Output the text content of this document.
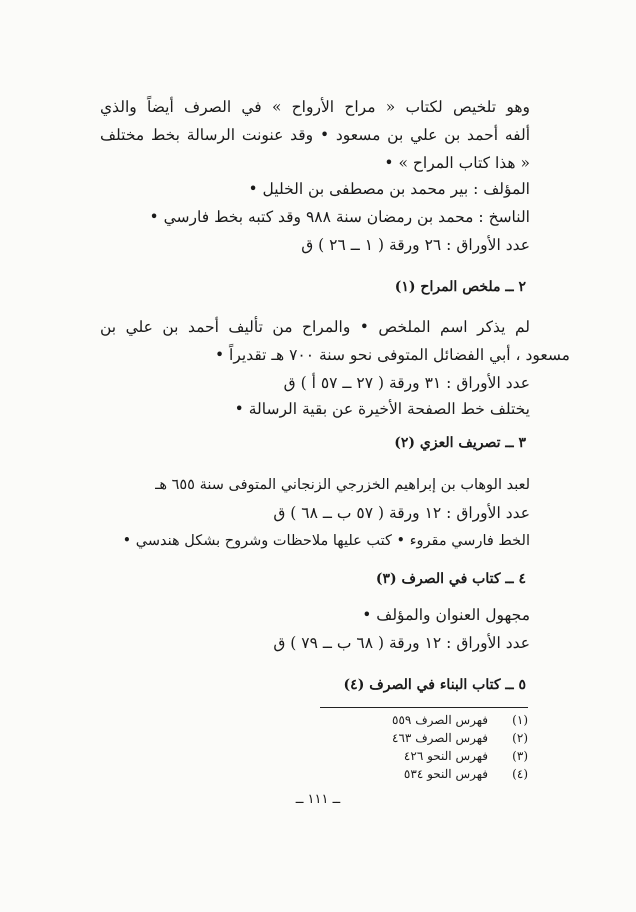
وهو تلخيص لكتاب « مراح الأرواح » في الصرف أيضاً والذي
ألفه أحمد بن علي بن مسعود • وقد عنونت الرسالة بخط مختلف
« هذا كتاب المراح » •
المؤلف : بير محمد بن مصطفى بن الخليل •
الناسخ : محمد بن رمضان سنة ٩٨٨ وقد كتبه بخط فارسي •
عدد الأوراق : ٢٦ ورقة ( ١ ــ ٢٦ ) ق
٢ ــ ملخص المراح (١)
لم يذكر اسم الملخص • والمراح من تأليف أحمد بن علي بن
مسعود ، أبي الفضائل المتوفى نحو سنة ٧٠٠ هـ تقديراً •
عدد الأوراق : ٣١ ورقة ( ٢٧ ــ ٥٧ أ ) ق
يختلف خط الصفحة الأخيرة عن بقية الرسالة •
٣ ــ تصريف العزي (٢)
لعبد الوهاب بن إبراهيم الخزرجي الزنجاني المتوفى سنة ٦٥٥ هـ
عدد الأوراق : ١٢ ورقة ( ٥٧ ب ــ ٦٨ ) ق
الخط فارسي مقروء • كتب عليها ملاحظات وشروح بشكل هندسي •
٤ ــ كتاب في الصرف (٣)
مجهول العنوان والمؤلف •
عدد الأوراق : ١٢ ورقة ( ٦٨ ب ــ ٧٩ ) ق
٥ ــ كتاب البناء في الصرف (٤)
(١)فهرس الصرف ٥٥٩
(٢)فهرس الصرف ٤٦٣
(٣)فهرس النحو ٤٢٦
(٤)فهرس النحو ٥٣٤
ــ ١١١ ــ
